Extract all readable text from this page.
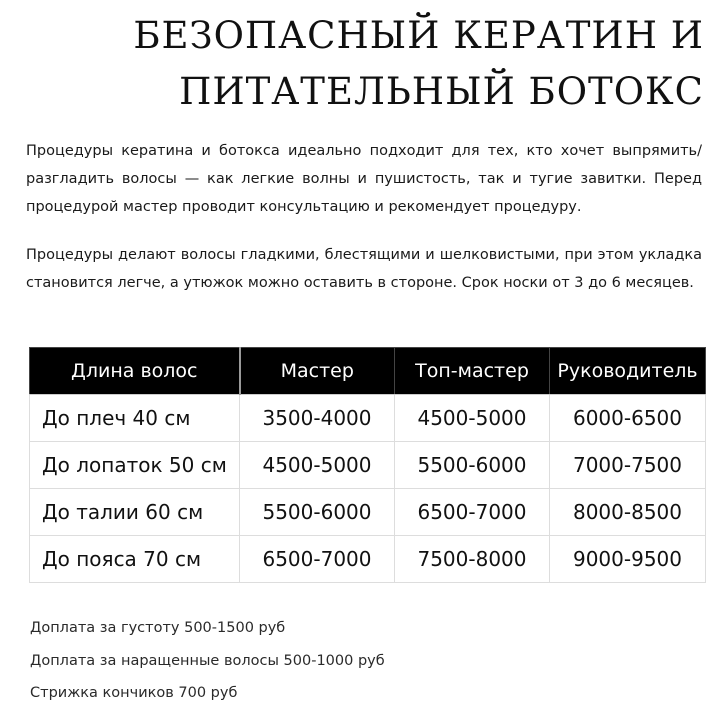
БЕЗОПАСНЫЙ КЕРАТИН И
ПИТАТЕЛЬНЫЙ БОТОКС

Процедуры кератина и ботокса идеально подходит для тех, кто хочет выпрямить/разгладить волосы — как легкие волны и пушистость, так и тугие завитки. Перед процедурой мастер проводит консультацию и рекомендует процедуру.

Процедуры делают волосы гладкими, блестящими и шелковистыми, при этом укладка становится легче, а утюжок можно оставить в стороне. Срок носки от 3 до 6 месяцев.

Длина волос	Мастер	Топ-мастер	Руководитель
До плеч 40 см	3500-4000	4500-5000	6000-6500
До лопаток 50 см	4500-5000	5500-6000	7000-7500
До талии 60 см	5500-6000	6500-7000	8000-8500
До пояса 70 см	6500-7000	7500-8000	9000-9500
Доплата за густоту 500-1500 руб
Доплата за наращенные волосы 500-1000 руб
Стрижка кончиков 700 руб
